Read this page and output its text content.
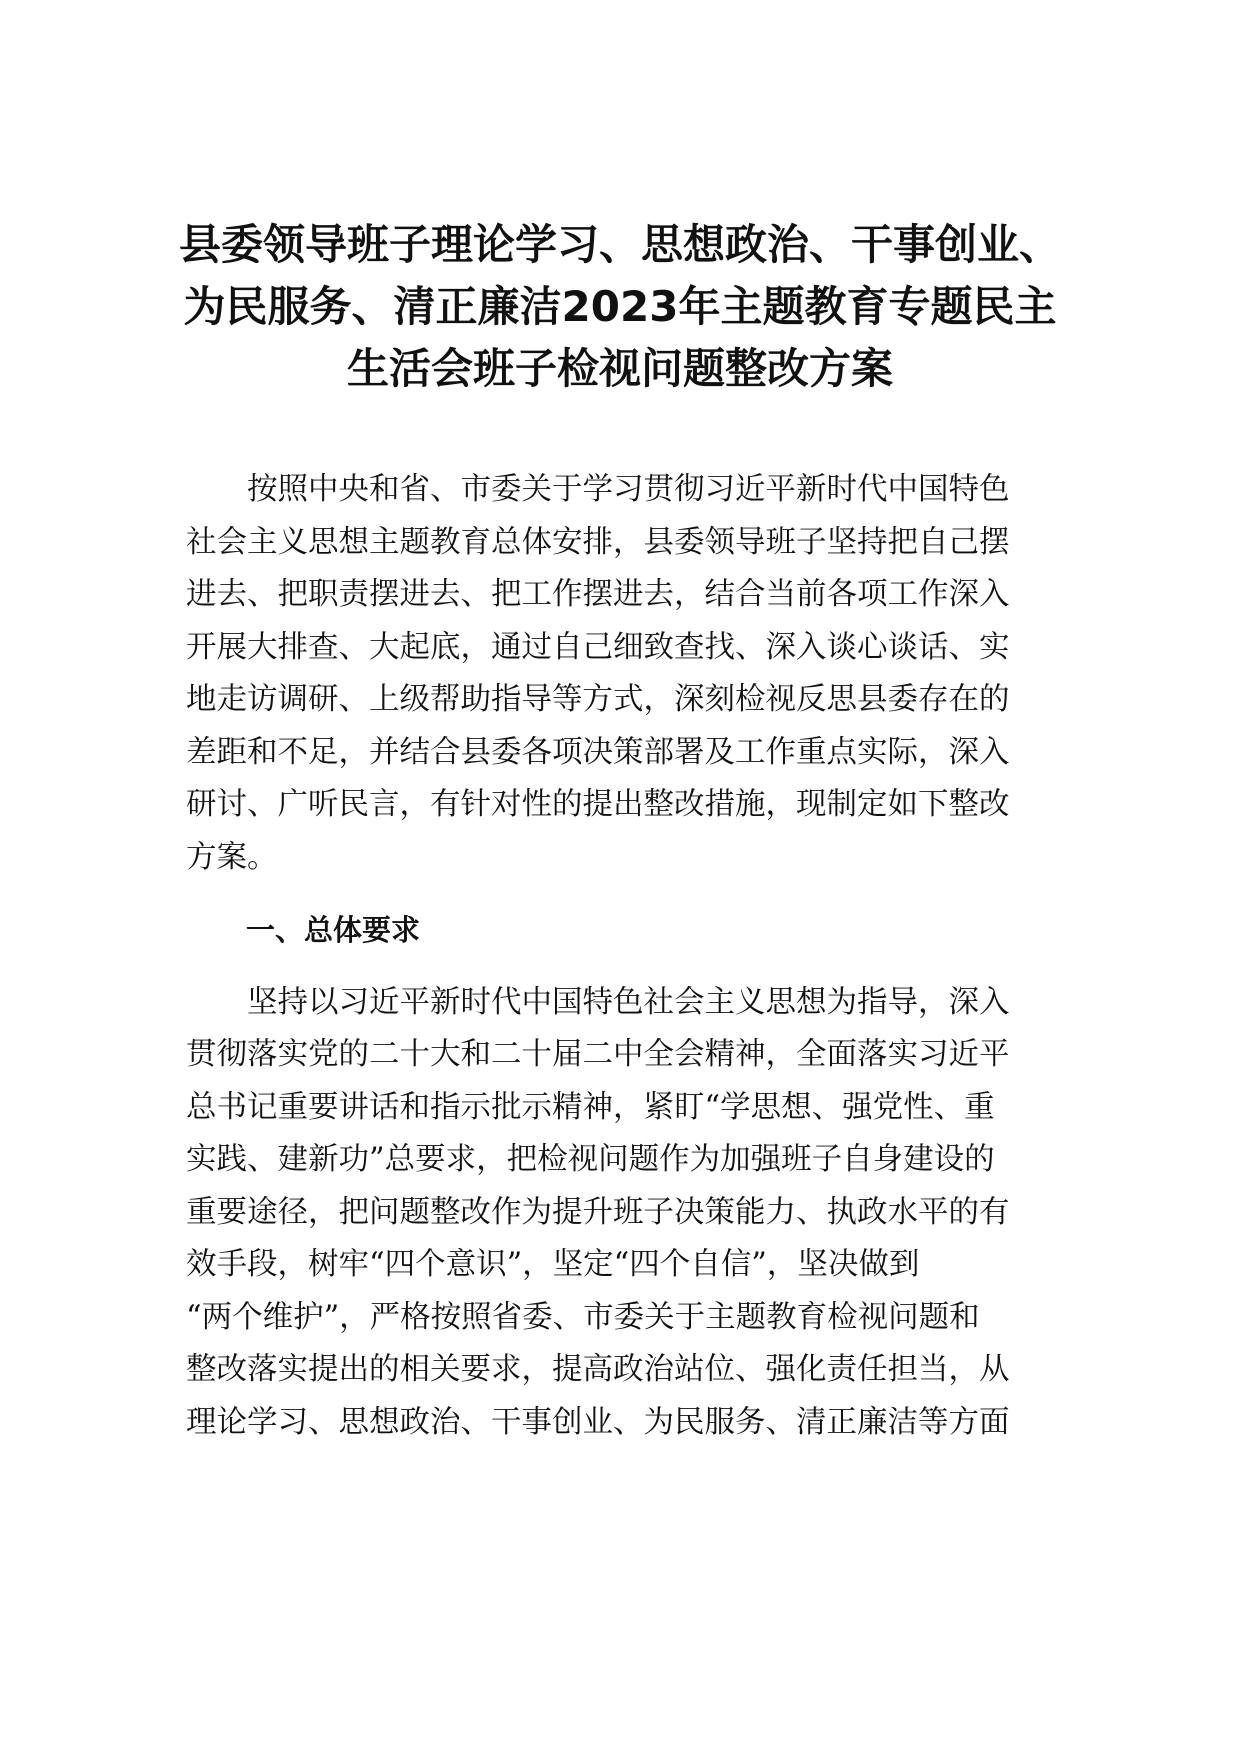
县委领导班子理论学习、思想政治、干事创业、
为民服务、清正廉洁2023年主题教育专题民主
生活会班子检视问题整改方案
　　按照中央和省、市委关于学习贯彻习近平新时代中国特色
社会主义思想主题教育总体安排，县委领导班子坚持把自己摆
进去、把职责摆进去、把工作摆进去，结合当前各项工作深入
开展大排查、大起底，通过自己细致查找、深入谈心谈话、实
地走访调研、上级帮助指导等方式，深刻检视反思县委存在的
差距和不足，并结合县委各项决策部署及工作重点实际，深入
研讨、广听民言，有针对性的提出整改措施，现制定如下整改
方案。
一、总体要求
　　坚持以习近平新时代中国特色社会主义思想为指导，深入
贯彻落实党的二十大和二十届二中全会精神，全面落实习近平
总书记重要讲话和指示批示精神，紧盯“学思想、强党性、重
实践、建新功”总要求，把检视问题作为加强班子自身建设的
重要途径，把问题整改作为提升班子决策能力、执政水平的有
效手段，树牢“四个意识”，坚定“四个自信”，坚决做到
“两个维护”，严格按照省委、市委关于主题教育检视问题和
整改落实提出的相关要求，提高政治站位、强化责任担当，从
理论学习、思想政治、干事创业、为民服务、清正廉洁等方面
